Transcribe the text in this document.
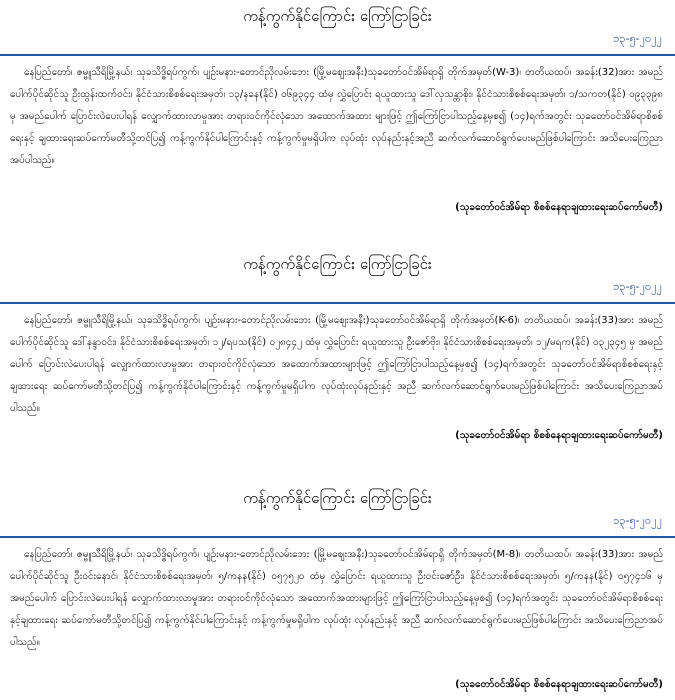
ကန့်ကွက်နိုင်ကြောင်း ကြော်ငြာခြင်း
၁၃-၅-၂၀၂၂

နေပြည်တော်၊ ဇမ္ဗူသီရိမြို့နယ်၊ သုခသိဒ္ဓိရပ်ကွက်၊ ပျဉ်းမနား-တောင်ညိုလမ်းဘေး (မြို့မဈေးအနီး)သုခတော်ဝင်အိမ်ရာရှိ တိုက်အမှတ်(W-3)၊ တတိယထပ်၊ အခန်း(32)အား အမည် ပေါက်ပိုင်ဆိုင်သူ ဦးထွန်းထက်ဝင်း၊ နိုင်ငံသားစိစစ်ရေးအမှတ်၊ ၁၃/နခန(နိုင်) ၀၆၉၃၄၄ ထံမှ လွှဲပြောင်း ရယူထားသူ ဒေါ်လှသန္တာစိုး၊ နိုင်ငံသားစိစစ်ရေးအမှတ်၊ ၁/သကတ(နိုင်) ၀၉၃၃၉၈ မှ အမည်ပေါက် ပြောင်းလဲပေးပါရန် လျှောက်ထားလာမှုအား တရားဝင်ကိုင်လုံသော အထောက်အထား များဖြင့် ဤကြော်ငြာပါသည့်နေ့မှစ၍ (၁၄)ရက်အတွင်း သုခတော်ဝင်အိမ်ရာစိစစ်ရေးနှင့် ချထားရေးဆပ်ကော်မတီသို့တင်ပြ၍ ကန့်ကွက်နိုင်ပါကြောင်းနှင့် ကန့်ကွက်မှုမရှိပါက လုပ်ထုံး လုပ်နည်းနှင့်အညီ ဆက်လက်ဆောင်ရွက်ပေးမည်ဖြစ်ပါကြောင်း အသိပေးကြေညာအပ်ပါသည်။

(သုခတော်ဝင်အိမ်ရာ စိစစ်နေရာချထားရေးဆပ်ကော်မတီ)
ကန့်ကွက်နိုင်ကြောင်း ကြော်ငြာခြင်း
၁၃-၅-၂၀၂၂

နေပြည်တော်၊ ဇမ္ဗူသီရိမြို့နယ်၊ သုခသိဒ္ဓိရပ်ကွက်၊ ပျဉ်းမနား-တောင်ညိုလမ်းဘေး (မြို့မဈေးအနီး)သုခတော်ဝင်အိမ်ရာရှိ တိုက်အမှတ်(K-6)၊ တတိယထပ်၊ အခန်း(33)အား အမည် ပေါက်ပိုင်ဆိုင်သူ ဒေါ်နန္ဒာဝင်း၊ နိုင်ငံသားစိစစ်ရေးအမှတ်၊ ၁၂/ရပသ(နိုင်) ၀၂၈၄၄၂ ထံမှ လွှဲပြောင်း ရယူထားသူ ဦးဇော်ဗိုး၊ နိုင်ငံသားစိစစ်ရေးအမှတ်၊ ၁၂/မရက(နိုင်) ၀၃၂၃၄၅ မှ အမည်ပေါက် ပြောင်းလဲပေးပါရန် လျှောက်ထားလာမှုအား တရားဝင်ကိုင်လုံသော အထောက်အထားများဖြင့် ဤကြော်ငြာပါသည့်နေ့မှစ၍ (၁၄)ရက်အတွင်း သုခတော်ဝင်အိမ်ရာစိစစ်ရေးနှင့်ချထားရေး ဆပ်ကော်မတီသို့တင်ပြ၍ ကန့်ကွက်နိုင်ပါကြောင်းနှင့် ကန့်ကွက်မှုမရှိပါက လုပ်ထုံးလုပ်နည်းနှင့် အညီ ဆက်လက်ဆောင်ရွက်ပေးမည်ဖြစ်ပါကြောင်း အသိပေးကြေညာအပ်ပါသည်။

(သုခတော်ဝင်အိမ်ရာ စိစစ်နေရာချထားရေးဆပ်ကော်မတီ)
ကန့်ကွက်နိုင်ကြောင်း ကြော်ငြာခြင်း
၁၃-၅-၂၀၂၂

နေပြည်တော်၊ ဇမ္ဗူသီရိမြို့နယ်၊ သုခသိဒ္ဓိရပ်ကွက်၊ ပျဉ်းမနား-တောင်ညိုလမ်းဘေး (မြို့မဈေးအနီး)သုခတော်ဝင်အိမ်ရာရှိ တိုက်အမှတ်(M-8)၊ တတိယထပ်၊ အခန်း(33)အား အမည် ပေါက်ပိုင်ဆိုင်သူ ဦးဝင်းနောင်၊ နိုင်ငံသားစိစစ်ရေးအမှတ်၊ ၅/ကနန(နိုင်) ၀၅၇၅၂၀ ထံမှ လွှဲပြောင်း ရယူထားသူ ဦးဝင်းဇော်ဦး၊ နိုင်ငံသားစိစစ်ရေးအမှတ်၊ ၅/ကနန(နိုင်) ၀၅၇၄၁၆ မှ အမည်ပေါက် ပြောင်းလဲပေးပါရန် လျှောက်ထားလာမှုအား တရားဝင်ကိုင်လုံသော အထောက်အထားများဖြင့် ဤကြော်ငြာပါသည့်နေ့မှစ၍ (၁၄)ရက်အတွင်း သုခတော်ဝင်အိမ်ရာစိစစ်ရေးနှင့်ချထားရေး ဆပ်ကော်မတီသို့တင်ပြ၍ ကန့်ကွက်နိုင်ပါကြောင်းနှင့် ကန့်ကွက်မှုမရှိပါက လုပ်ထုံး လုပ်နည်းနှင့် အညီ ဆက်လက်ဆောင်ရွက်ပေးမည်ဖြစ်ပါကြောင်း အသိပေးကြေညာအပ်ပါသည်။

(သုခတော်ဝင်အိမ်ရာ စိစစ်နေရာချထားရေးဆပ်ကော်မတီ)
